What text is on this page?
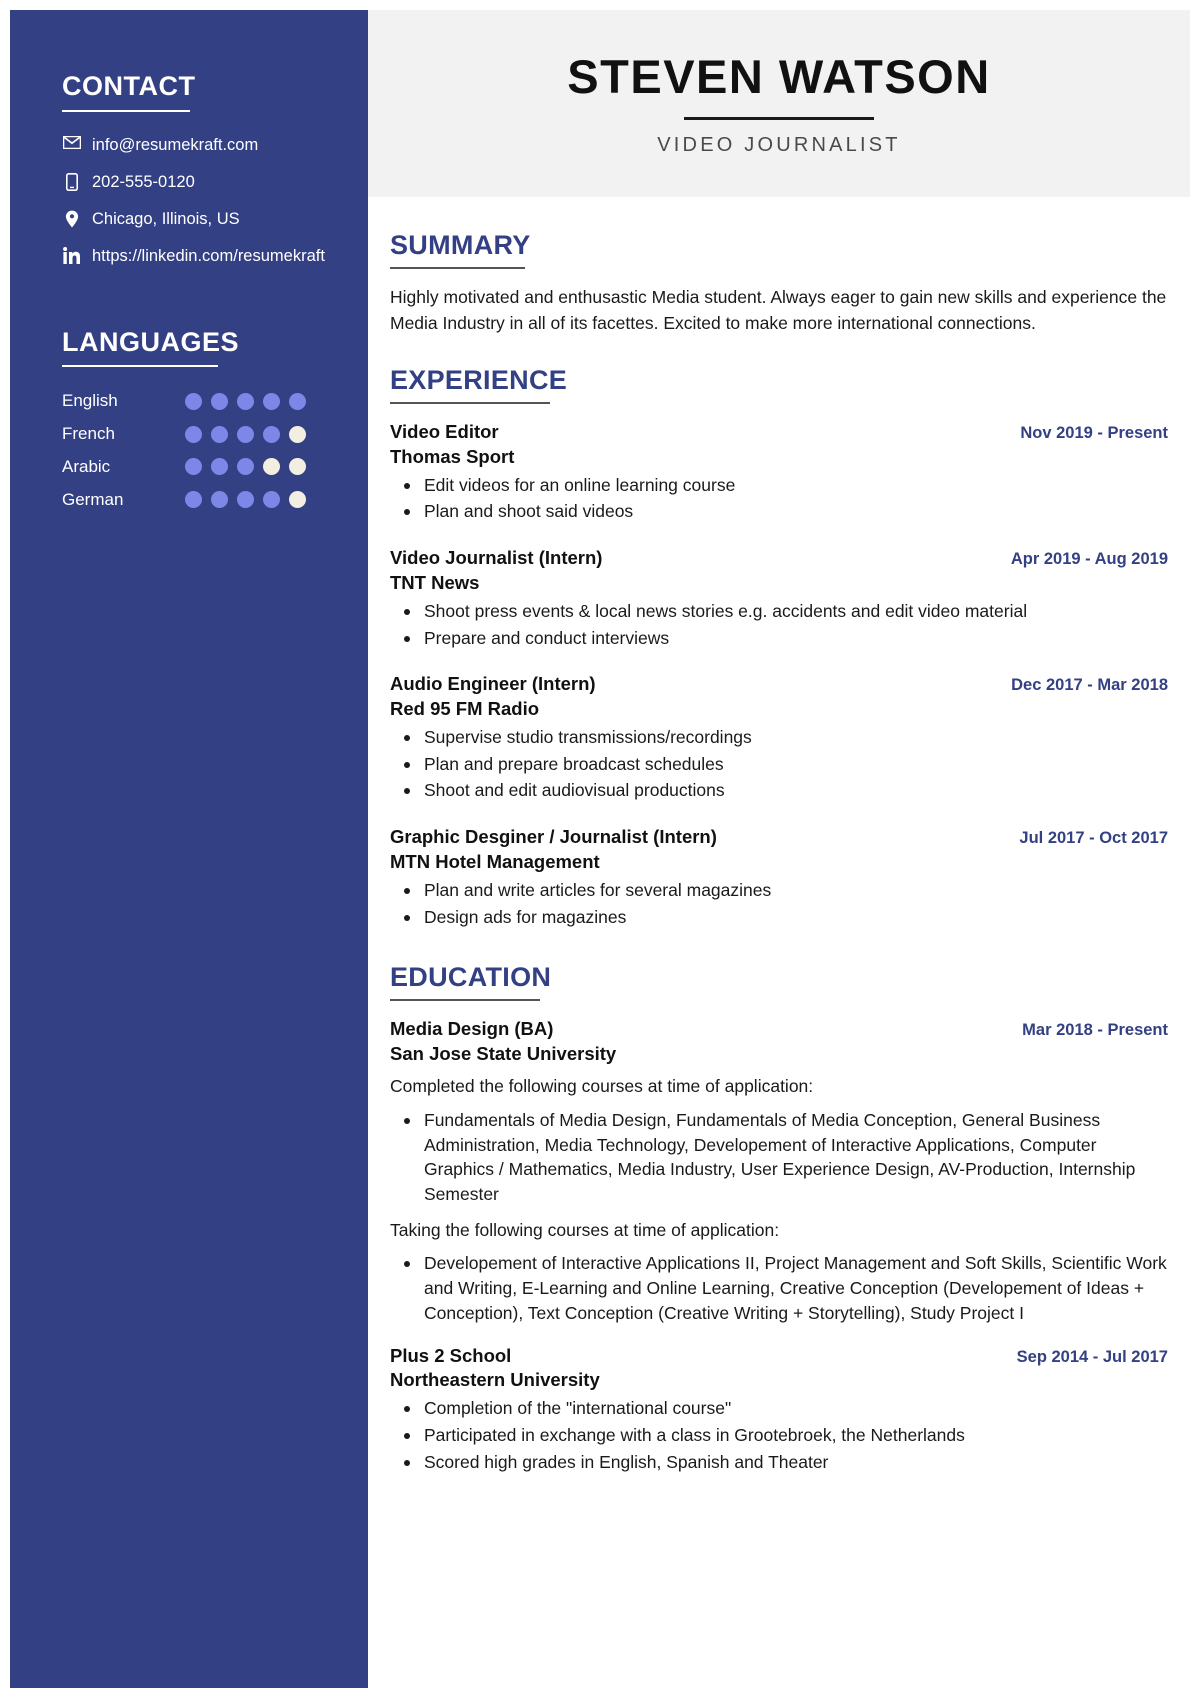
CONTACT
info@resumekraft.com
202-555-0120
Chicago, Illinois, US
https://linkedin.com/resumekraft
LANGUAGES
English
French
Arabic
German
STEVEN WATSON
VIDEO JOURNALIST
SUMMARY

Highly motivated and enthusastic Media student. Always eager to gain new skills and experience the Media Industry in all of its facettes. Excited to make more international connections.

EXPERIENCE
Video Editor	Nov 2019 - Present
Thomas Sport
Edit videos for an online learning course
Plan and shoot said videos
Video Journalist (Intern)	Apr 2019 - Aug 2019
TNT News
Shoot press events & local news stories e.g. accidents and edit video material
Prepare and conduct interviews
Audio Engineer (Intern)	Dec 2017 - Mar 2018
Red 95 FM Radio
Supervise studio transmissions/recordings
Plan and prepare broadcast schedules
Shoot and edit audiovisual productions
Graphic Desginer / Journalist (Intern)	Jul 2017 - Oct 2017
MTN Hotel Management
Plan and write articles for several magazines
Design ads for magazines
EDUCATION
Media Design (BA)	Mar 2018 - Present
San Jose State University

Completed the following courses at time of application:

Fundamentals of Media Design, Fundamentals of Media Conception, General Business Administration, Media Technology, Developement of Interactive Applications, Computer Graphics / Mathematics, Media Industry, User Experience Design, AV-Production, Internship Semester

Taking the following courses at time of application:

Developement of Interactive Applications II, Project Management and Soft Skills, Scientific Work and Writing, E-Learning and Online Learning, Creative Conception (Developement of Ideas + Conception), Text Conception (Creative Writing + Storytelling), Study Project I
Plus 2 School	Sep 2014 - Jul 2017
Northeastern University
Completion of the "international course"
Participated in exchange with a class in Grootebroek, the Netherlands
Scored high grades in English, Spanish and Theater
